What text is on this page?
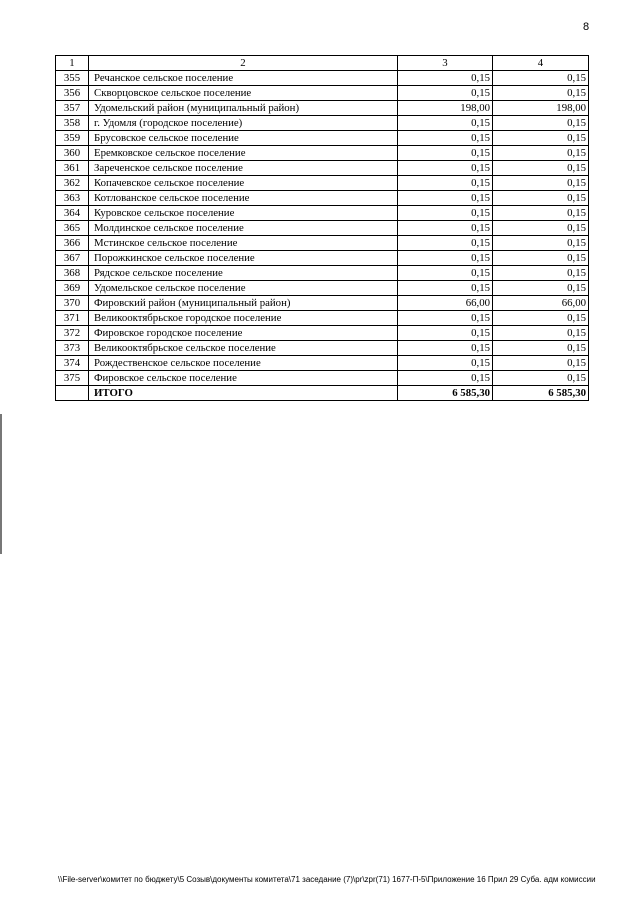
8
1	2	3	4
355	Речанское сельское поселение	0,15	0,15
356	Скворцовское сельское поселение	0,15	0,15
357	Удомельский район (муниципальный район)	198,00	198,00
358	г. Удомля (городское поселение)	0,15	0,15
359	Брусовское сельское поселение	0,15	0,15
360	Еремковское сельское поселение	0,15	0,15
361	Зареченское сельское поселение	0,15	0,15
362	Копачевское сельское поселение	0,15	0,15
363	Котлованское сельское поселение	0,15	0,15
364	Куровское сельское поселение	0,15	0,15
365	Молдинское сельское поселение	0,15	0,15
366	Мстинское сельское поселение	0,15	0,15
367	Порожкинское сельское поселение	0,15	0,15
368	Рядское сельское поселение	0,15	0,15
369	Удомельское сельское поселение	0,15	0,15
370	Фировский район (муниципальный район)	66,00	66,00
371	Великооктябрьское городское поселение	0,15	0,15
372	Фировское городское поселение	0,15	0,15
373	Великооктябрьское сельское поселение	0,15	0,15
374	Рождественское сельское поселение	0,15	0,15
375	Фировское сельское поселение	0,15	0,15
	ИТОГО	6 585,30	6 585,30
\\File-server\комитет по бюджету\5 Созыв\документы комитета\71 заседание (7)\pr\zpr(71) 1677-П-5\Приложение 16 Прил 29 Суба. адм комиссии
